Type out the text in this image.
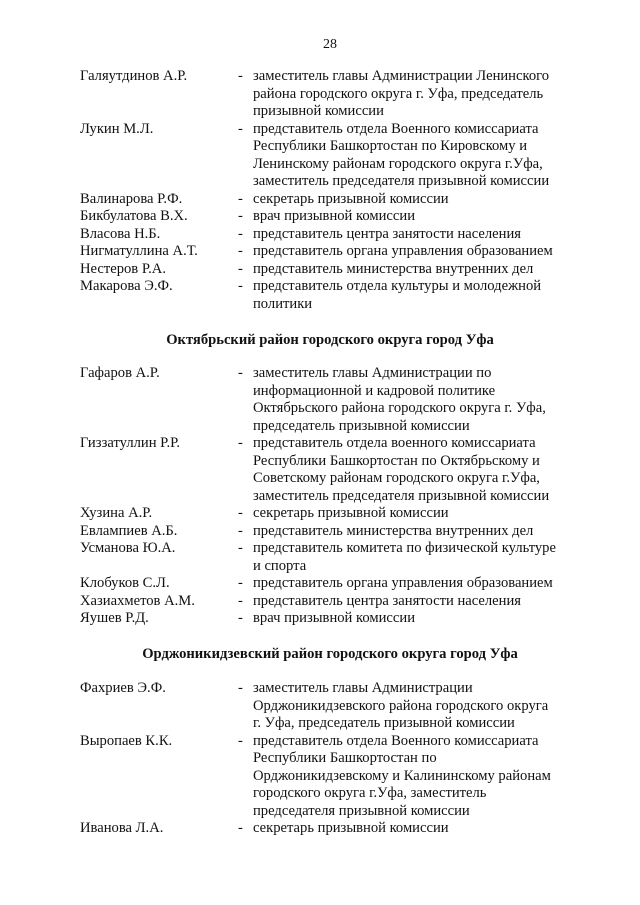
28
Галяутдинов А.Р.	- заместитель главы Администрации Ленинского
района городского округа г. Уфа, председатель
призывной комиссии
Лукин М.Л.	- представитель отдела Военного комиссариата
Республики Башкортостан по Кировскому и
Ленинскому районам городского округа г.Уфа,
заместитель председателя призывной комиссии
Валинарова Р.Ф.	- секретарь призывной комиссии
Бикбулатова В.Х.	- врач призывной комиссии
Власова Н.Б.	- представитель центра занятости населения
Нигматуллина А.Т.	- представитель органа управления образованием
Нестеров Р.А.	- представитель министерства внутренних дел
Макарова Э.Ф.	- представитель отдела культуры и молодежной
политики
Октябрьский район городского округа город Уфа
Гафаров А.Р.	- заместитель главы Администрации по
информационной и кадровой политике
Октябрьского района городского округа г. Уфа,
председатель призывной комиссии
Гиззатуллин Р.Р.	- представитель отдела военного комиссариата
Республики Башкортостан по Октябрьскому и
Советскому районам городского округа г.Уфа,
заместитель председателя призывной комиссии
Хузина А.Р.	- секретарь призывной комиссии
Евлампиев А.Б.	- представитель министерства внутренних дел
Усманова Ю.А.	- представитель комитета по физической культуре
и спорта
Клобуков С.Л.	- представитель органа управления образованием
Хазиахметов А.М.	- представитель центра занятости населения
Яушев Р.Д.	- врач призывной комиссии
Орджоникидзевский район городского округа город Уфа
Фахриев Э.Ф.	- заместитель главы Администрации
Орджоникидзевского района городского округа
г. Уфа, председатель призывной комиссии
Выропаев К.К.	- представитель отдела Военного комиссариата
Республики Башкортостан по
Орджоникидзевскому и Калининскому районам
городского округа г.Уфа, заместитель
председателя призывной комиссии
Иванова Л.А.	- секретарь призывной комиссии
